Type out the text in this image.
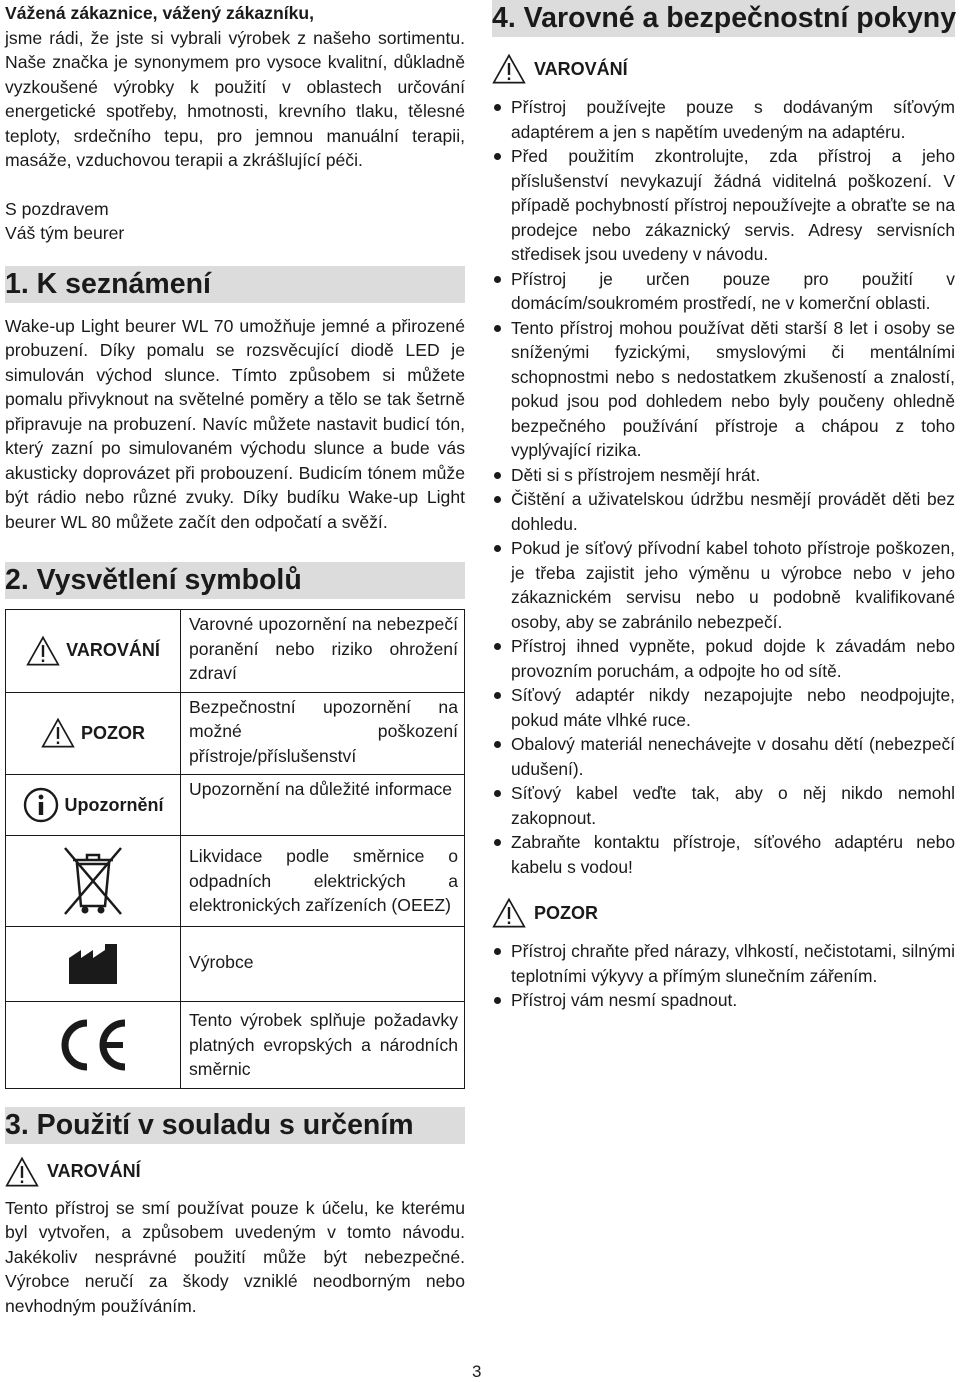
Vážená zákaznice, vážený zákazníku,

jsme rádi, že jste si vybrali výrobek z našeho sortimentu. Naše značka je synonymem pro vysoce kvalitní, důkladně vyzkoušené výrobky k použití v oblastech určování energetické spotřeby, hmotnosti, krevního tlaku, tělesné teploty, srdečního tepu, pro jemnou manuální terapii, masáže, vzduchovou terapii a zkrášlující péči.

S pozdravem

Váš tým beurer

1. K seznámení

Wake-up Light beurer WL 70 umožňuje jemné a přirozené probuzení. Díky pomalu se rozsvěcující diodě LED je simulován východ slunce. Tímto způsobem si můžete pomalu přivyknout na světelné poměry a tělo se tak šetrně připravuje na probuzení. Navíc můžete nastavit budicí tón, který zazní po simulovaném východu slunce a bude vás akusticky doprovázet při probouzení. Budicím tónem může být rádio nebo různé zvuky. Díky budíku Wake-up Light beurer WL 80 můžete začít den odpočatí a svěží.

2. Vysvětlení symbolů
VAROVÁNÍ	Varovné upozornění na nebezpečí poranění nebo riziko ohrožení zdraví

POZOR	Bezpečnostní upozornění na možné poškození přístroje/příslušenství

Upozornění	Upozornění na důležité informace

Likvidace podle směrnice o odpadních elektrických a elektronických zařízeních (OEEZ)

Výrobce

Tento výrobek splňuje požadavky platných evropských a národních směrnic

3. Použití v souladu s určením
VAROVÁNÍ

Tento přístroj se smí používat pouze k účelu, ke kterému byl vytvořen, a způsobem uvedeným v tomto návodu. Jakékoliv nesprávné použití může být nebezpečné. Výrobce neručí za škody vzniklé neodborným nebo nevhodným používáním.

4. Varovné a bezpečnostní pokyny
VAROVÁNÍ
Přístroj používejte pouze s dodávaným síťovým adaptérem a jen s napětím uvedeným na adaptéru.
Před použitím zkontrolujte, zda přístroj a jeho příslušenství nevykazují žádná viditelná poškození. V případě pochybností přístroj nepoužívejte a obraťte se na prodejce nebo zákaznický servis. Adresy servisních středisek jsou uvedeny v návodu.
Přístroj je určen pouze pro použití v domácím/soukromém prostředí, ne v komerční oblasti.
Tento přístroj mohou používat děti starší 8 let i osoby se sníženými fyzickými, smyslovými či mentálními schopnostmi nebo s nedostatkem zkušeností a znalostí, pokud jsou pod dohledem nebo byly poučeny ohledně bezpečného používání přístroje a chápou z toho vyplývající rizika.
Děti si s přístrojem nesmějí hrát.
Čištění a uživatelskou údržbu nesmějí provádět děti bez dohledu.
Pokud je síťový přívodní kabel tohoto přístroje poškozen, je třeba zajistit jeho výměnu u výrobce nebo v jeho zákaznickém servisu nebo u podobně kvalifikované osoby, aby se zabránilo nebezpečí.
Přístroj ihned vypněte, pokud dojde k závadám nebo provozním poruchám, a odpojte ho od sítě.
Síťový adaptér nikdy nezapojujte nebo neodpojujte, pokud máte vlhké ruce.
Obalový materiál nenechávejte v dosahu dětí (nebezpečí udušení).
Síťový kabel veďte tak, aby o něj nikdo nemohl zakopnout.
Zabraňte kontaktu přístroje, síťového adaptéru nebo kabelu s vodou!
POZOR
Přístroj chraňte před nárazy, vlhkostí, nečistotami, silnými teplotními výkyvy a přímým slunečním zářením.
Přístroj vám nesmí spadnout.
3
